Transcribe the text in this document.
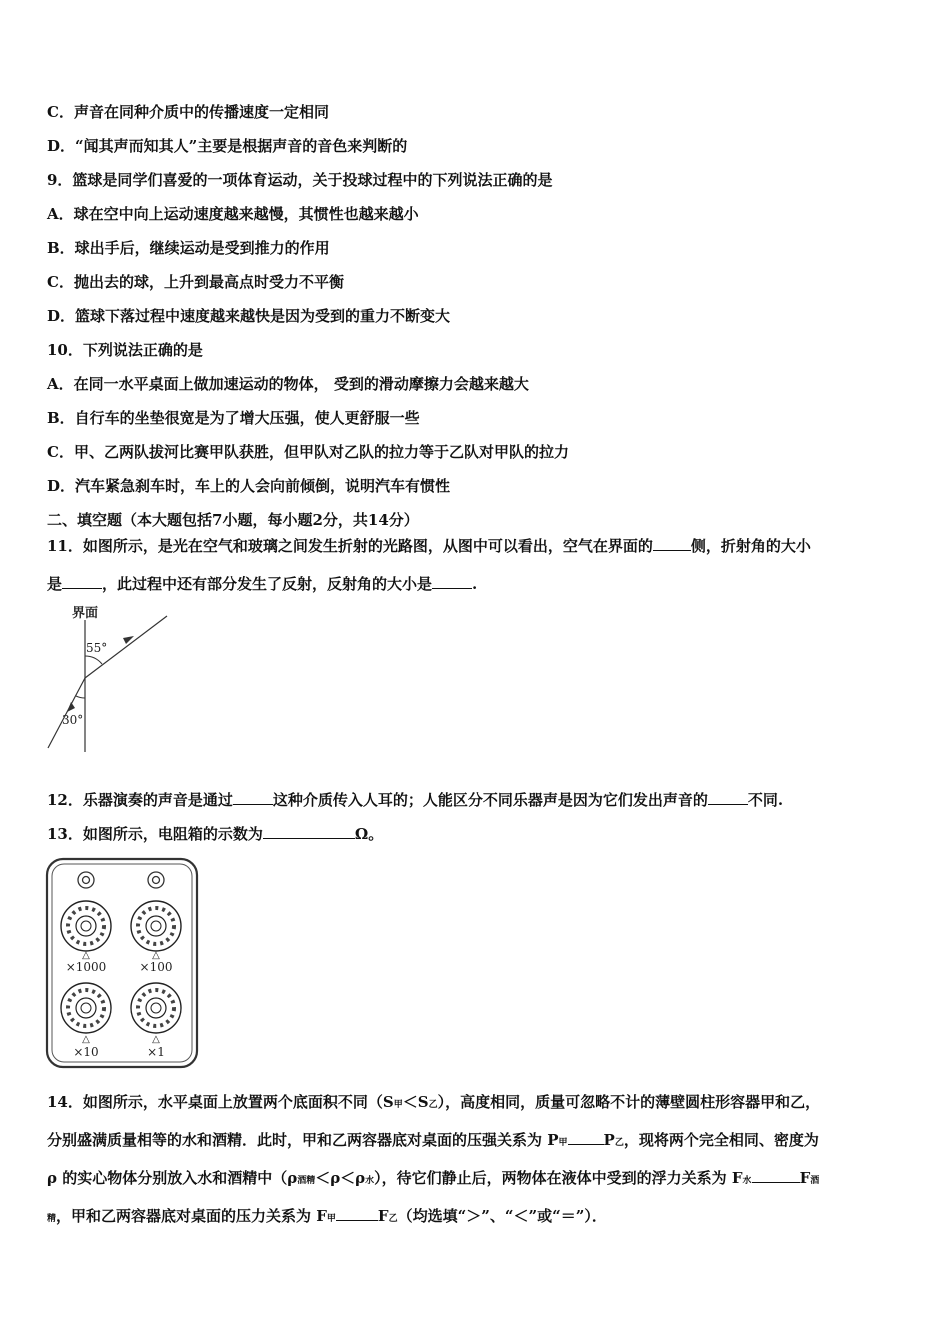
C．声音在同种介质中的传播速度一定相同
D．“闻其声而知其人”主要是根据声音的音色来判断的
9．篮球是同学们喜爱的一项体育运动，关于投球过程中的下列说法正确的是
A．球在空中向上运动速度越来越慢，其惯性也越来越小
B．球出手后，继续运动是受到推力的作用
C．抛出去的球，上升到最高点时受力不平衡
D．篮球下落过程中速度越来越快是因为受到的重力不断变大
10．下列说法正确的是
A．在同一水平桌面上做加速运动的物体， 受到的滑动摩擦力会越来越大
B．自行车的坐垫很宽是为了增大压强，使人更舒服一些
C．甲、乙两队拔河比赛甲队获胜，但甲队对乙队的拉力等于乙队对甲队的拉力
D．汽车紧急刹车时，车上的人会向前倾倒，说明汽车有惯性
二、填空题（本大题包括7小题，每小题2分，共14分）
11．如图所示，是光在空气和玻璃之间发生折射的光路图，从图中可以看出，空气在界面的	侧，折射角的大小
是	，此过程中还有部分发生了反射，反射角的大小是	.
界面
55°
30°
12．乐器演奏的声音是通过	这种介质传入人耳的；人能区分不同乐器声是因为它们发出声音的	不同.
13．如图所示，电阻箱的示数为	Ω。
△	△
×1000	×100
△	△
×10	×1
14．如图所示，水平桌面上放置两个底面积不同（S甲＜S乙），高度相同，质量可忽略不计的薄壁圆柱形容器甲和乙，
分别盛满质量相等的水和酒精．此时，甲和乙两容器底对桌面的压强关系为 P甲 P乙，现将两个完全相同、密度为
ρ 的实心物体分别放入水和酒精中（ρ酒精＜ρ＜ρ水），待它们静止后，两物体在液体中受到的浮力关系为 F水	F酒
精，甲和乙两容器底对桌面的压力关系为 F甲	F乙（均选填“＞”、“＜”或“＝”）．
